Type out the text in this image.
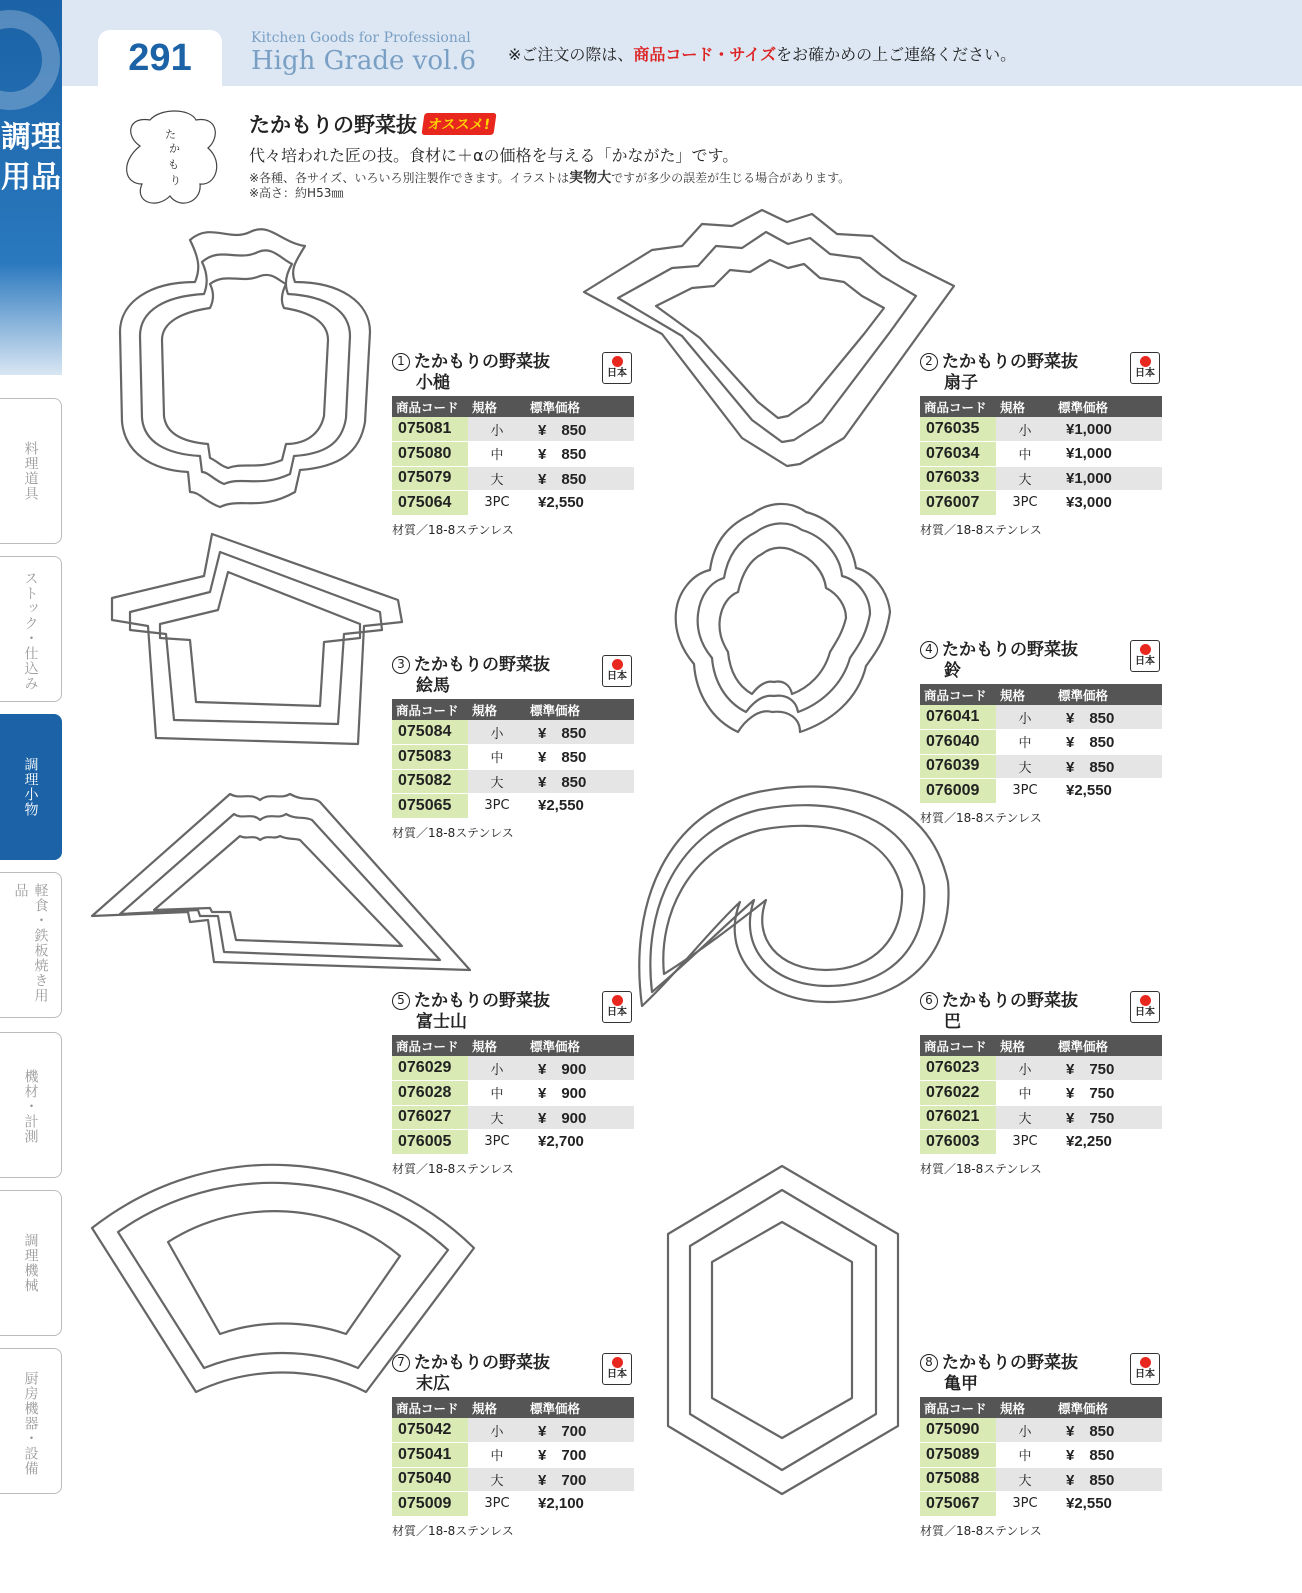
調理用品
料理道具
ストック・仕込み
調理小物
軽食・鉄板焼き用品
機材・計測
調理機械
厨房機器・設備
291	Kitchen Goods for Professional
High Grade vol.6 ※ご注文の際は、商品コード・サイズをお確かめの上ご連絡ください。
た
か
も
り
たかもりの野菜抜 オススメ!
代々培われた匠の技。食材に＋αの価格を与える「かながた」です。
※各種、各サイズ、いろいろ別注製作できます。イラストは実物大ですが多少の誤差が生じる場合があります。
※高さ：約H53㎜
1 たかもりの野菜抜
小槌	日本
商品コード	規格	標準価格
075081	小	¥　850
075080	中	¥　850
075079	大	¥　850
075064	3PC	¥2,550
材質／18-8ステンレス
2 たかもりの野菜抜
扇子	日本
商品コード	規格	標準価格
076035	小	¥1,000
076034	中	¥1,000
076033	大	¥1,000
076007	3PC	¥3,000
材質／18-8ステンレス
3 たかもりの野菜抜
絵馬	日本
商品コード	規格	標準価格
075084	小	¥　850
075083	中	¥　850
075082	大	¥　850
075065	3PC	¥2,550
材質／18-8ステンレス
4 たかもりの野菜抜
鈴	日本
商品コード	規格	標準価格
076041	小	¥　850
076040	中	¥　850
076039	大	¥　850
076009	3PC	¥2,550
材質／18-8ステンレス
5 たかもりの野菜抜
富士山	日本
商品コード	規格	標準価格
076029	小	¥　900
076028	中	¥　900
076027	大	¥　900
076005	3PC	¥2,700
材質／18-8ステンレス
6 たかもりの野菜抜
巴	日本
商品コード	規格	標準価格
076023	小	¥　750
076022	中	¥　750
076021	大	¥　750
076003	3PC	¥2,250
材質／18-8ステンレス
7 たかもりの野菜抜
末広	日本
商品コード	規格	標準価格
075042	小	¥　700
075041	中	¥　700
075040	大	¥　700
075009	3PC	¥2,100
材質／18-8ステンレス
8 たかもりの野菜抜
亀甲	日本
商品コード	規格	標準価格
075090	小	¥　850
075089	中	¥　850
075088	大	¥　850
075067	3PC	¥2,550
材質／18-8ステンレス
